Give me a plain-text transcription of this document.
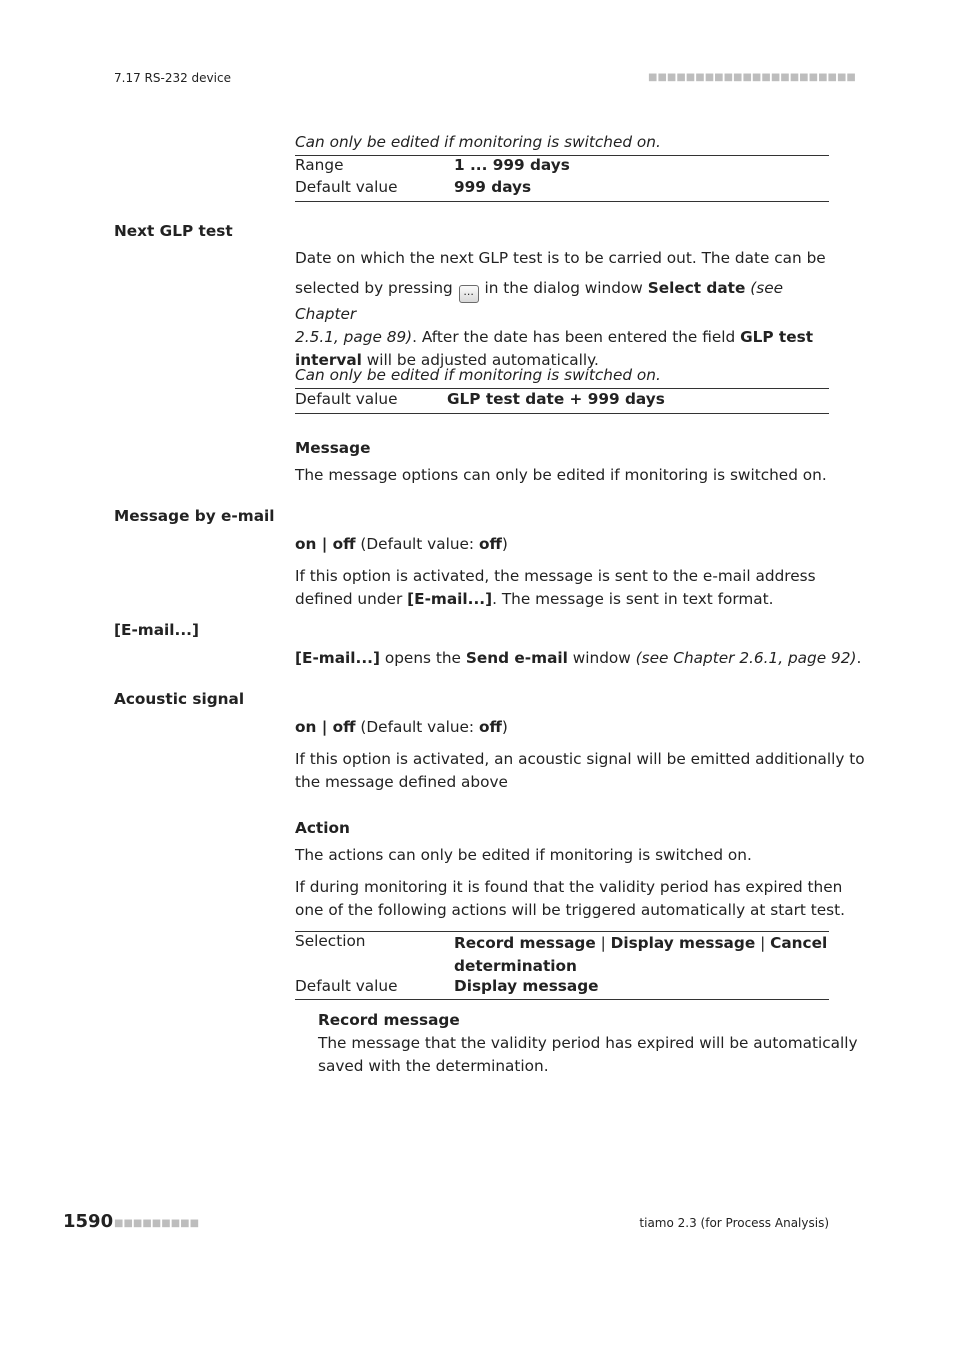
7.17 RS-232 device	■■■■■■■■■■■■■■■■■■■■■■
Can only be edited if monitoring is switched on.
Range	1 ... 999 days
Default value	999 days
Next GLP test
Date on which the next GLP test is to be carried out. The date can be
selected by pressing ... in the dialog window Select date (see Chapter
2.5.1, page 89). After the date has been entered the field GLP test
interval will be adjusted automatically.
Can only be edited if monitoring is switched on.
Default value	GLP test date + 999 days
Message
The message options can only be edited if monitoring is switched on.
Message by e-mail
on | off (Default value: off)
If this option is activated, the message is sent to the e-mail address
defined under [E-mail...]. The message is sent in text format.
[E-mail...]
[E-mail...] opens the Send e-mail window (see Chapter 2.6.1, page 92).
Acoustic signal
on | off (Default value: off)
If this option is activated, an acoustic signal will be emitted additionally to
the message defined above
Action
The actions can only be edited if monitoring is switched on.
If during monitoring it is found that the validity period has expired then
one of the following actions will be triggered automatically at start test.
Selection	Record message | Display message | Cancel
determination
Default value	Display message
Record message
The message that the validity period has expired will be automatically
saved with the determination.
1590 ■■■■■■■■■	tiamo 2.3 (for Process Analysis)
